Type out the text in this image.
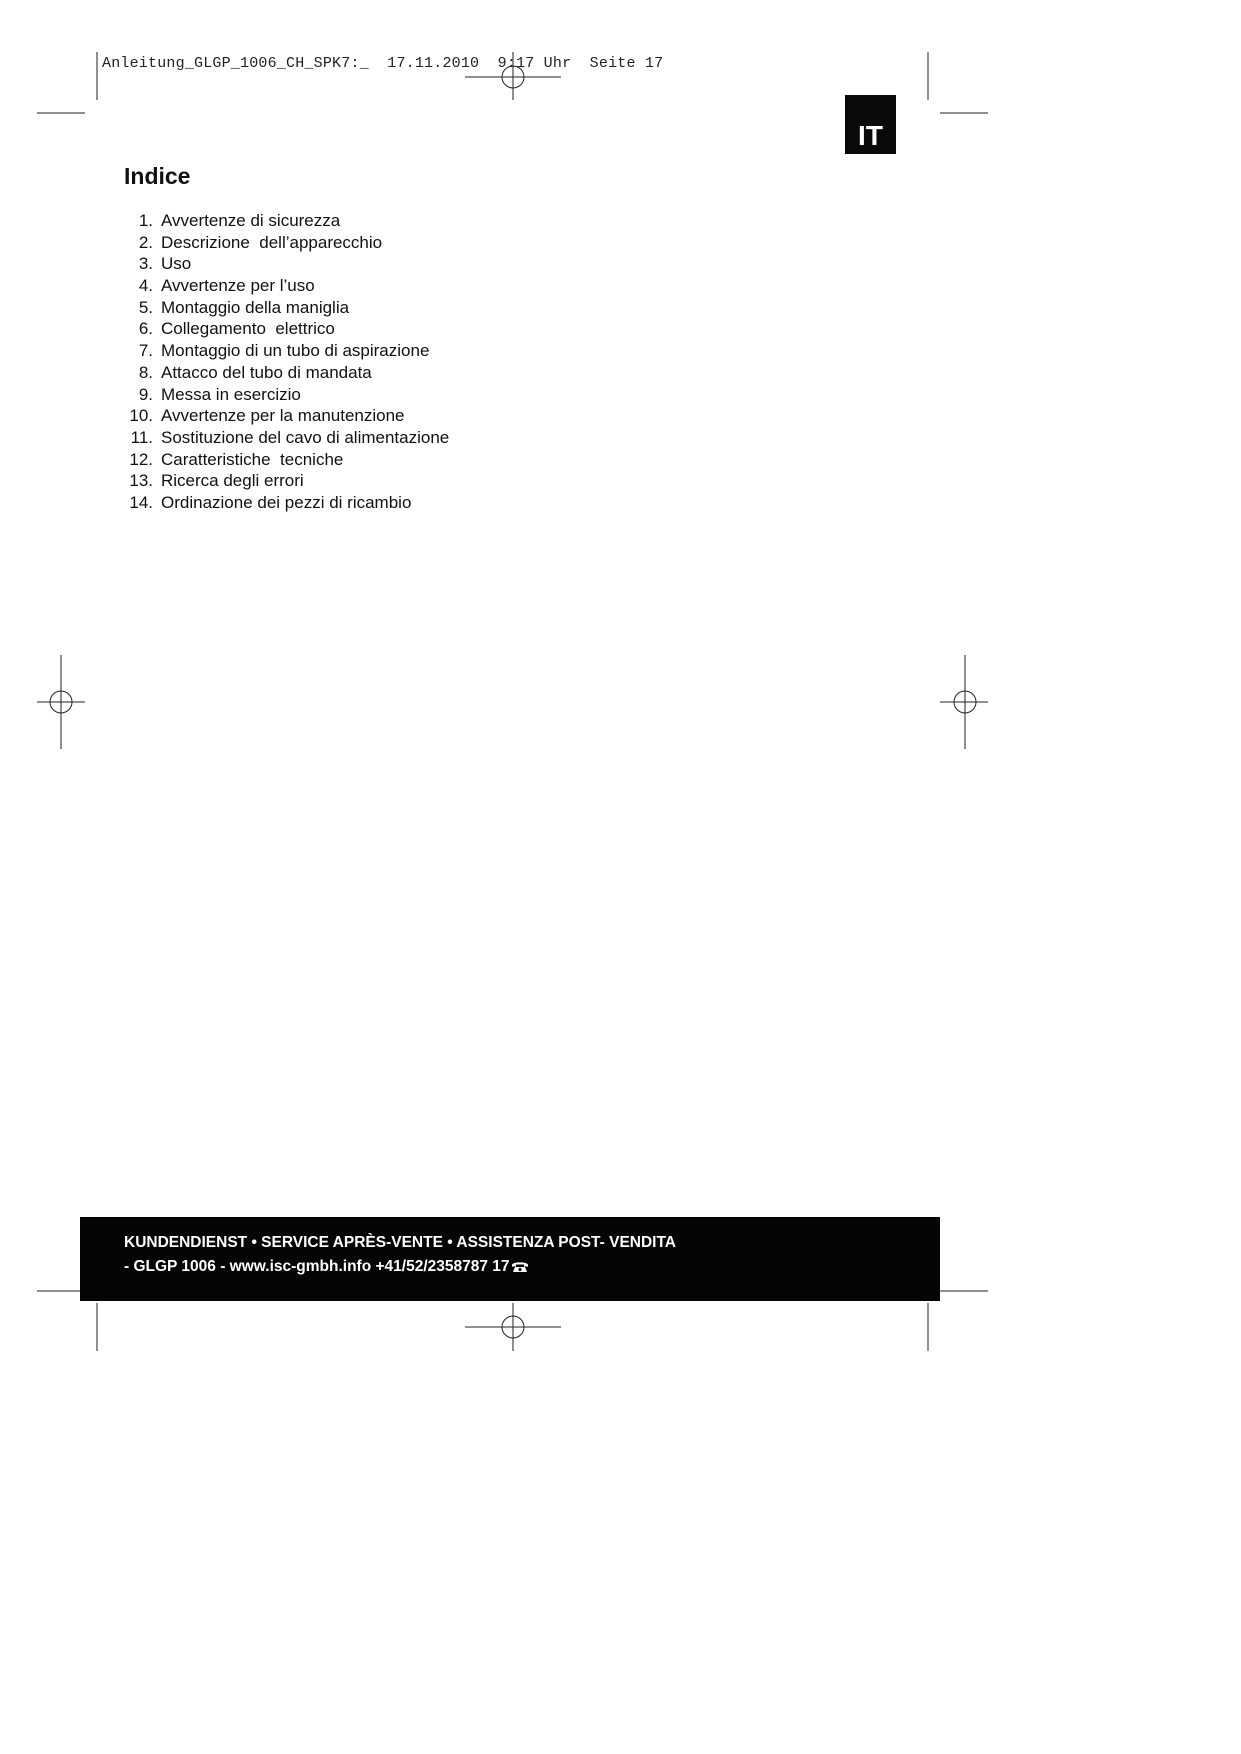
Anleitung_GLGP_1006_CH_SPK7:_  17.11.2010  9:17 Uhr  Seite 17
IT
Indice
1. Avvertenze di sicurezza
2. Descrizione  dell’apparecchio
3. Uso
4. Avvertenze per l’uso
5. Montaggio della maniglia
6. Collegamento  elettrico
7. Montaggio di un tubo di aspirazione
8. Attacco del tubo di mandata
9. Messa in esercizio
10. Avvertenze per la manutenzione
11. Sostituzione del cavo di alimentazione
12. Caratteristiche  tecniche
13. Ricerca degli errori
14. Ordinazione dei pezzi di ricambio
KUNDENDIENST • SERVICE APRÈS-VENTE • ASSISTENZA POST- VENDITA
- GLGP 1006 - www.isc-gmbh.info +41/52/2358787 17
